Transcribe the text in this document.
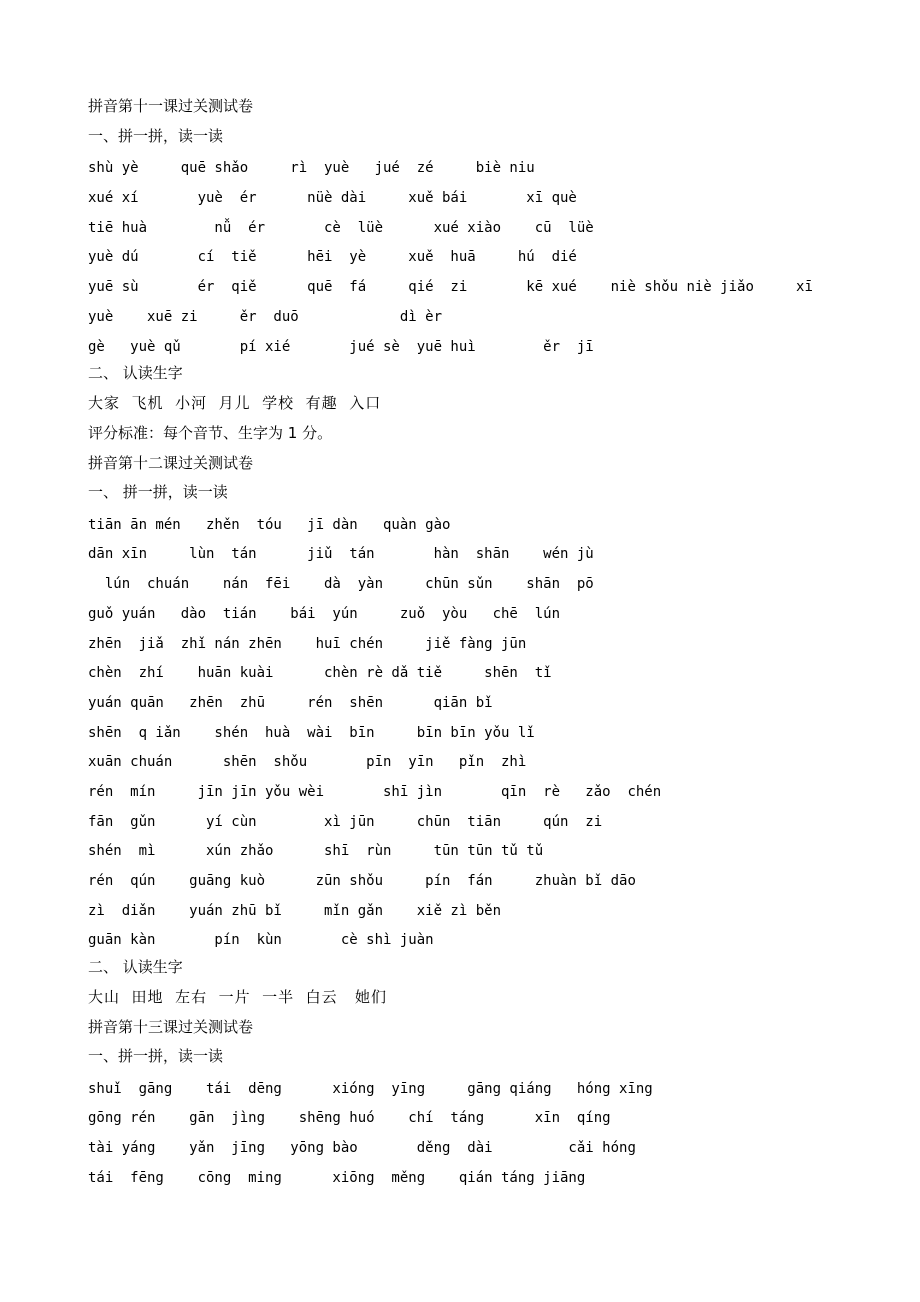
拼音第十一课过关测试卷

一、拼一拼，读一读

shù yè     quē shǎo     rì  yuè   jué  zé     biè niu

xué xí       yuè  ér      nüè dài     xuě bái       xī què

tiē huà        nǚ  ér       cè  lüè      xué xiào    cū  lüè

yuè dú       cí  tiě      hēi  yè     xuě  huā     hú  dié

yuē sù       ér  qiě      quē  fá     qié  zi       kē xué    niè shǒu niè jiǎo     xī

yuè    xuē zi     ěr  duō            dì èr

gè   yuè qǔ       pí xié       jué sè  yuē huì        ěr  jī

二、 认读生字

大家  飞机  小河  月儿  学校  有趣  入口

评分标准：每个音节、生字为 1 分。

拼音第十二课过关测试卷

一、 拼一拼，读一读

tiān ān mén   zhěn  tóu   jī dàn   quàn gào

dān xīn     lùn  tán      jiǔ  tán       hàn  shān    wén jù

lún  chuán    nán  fēi    dà  yàn     chūn sǔn    shān  pō

guǒ yuán   dào  tián    bái  yún     zuǒ  yòu   chē  lún

zhēn  jiǎ  zhǐ nán zhēn    huī chén     jiě fàng jūn

chèn  zhí    huān kuài      chèn rè dǎ tiě     shēn  tǐ

yuán quān   zhēn  zhū     rén  shēn      qiān bǐ

shēn  q iǎn    shén  huà  wài  bīn     bīn bīn yǒu lǐ

xuān chuán      shēn  shǒu       pīn  yīn   pǐn  zhì

rén  mín     jīn jīn yǒu wèi       shī jìn       qīn  rè   zǎo  chén

fān  gǔn      yí cùn        xì jūn     chūn  tiān     qún  zi

shén  mì      xún zhǎo      shī  rùn     tūn tūn tǔ tǔ

rén  qún    guāng kuò      zūn shǒu     pín  fán     zhuàn bǐ dāo

zì  diǎn    yuán zhū bǐ     mǐn gǎn    xiě zì běn

guān kàn       pín  kùn       cè shì juàn

二、 认读生字

大山  田地  左右  一片  一半  白云   她们

拼音第十三课过关测试卷

一、拼一拼，读一读

shuǐ  gāng    tái  dēng      xióng  yīng     gāng qiáng   hóng xīng

gōng rén    gān  jìng    shēng huó    chí  táng      xīn  qíng

tài yáng    yǎn  jīng   yōng bào       děng  dài         cǎi hóng

tái  fēng    cōng  ming      xiōng  měng    qián táng jiāng
